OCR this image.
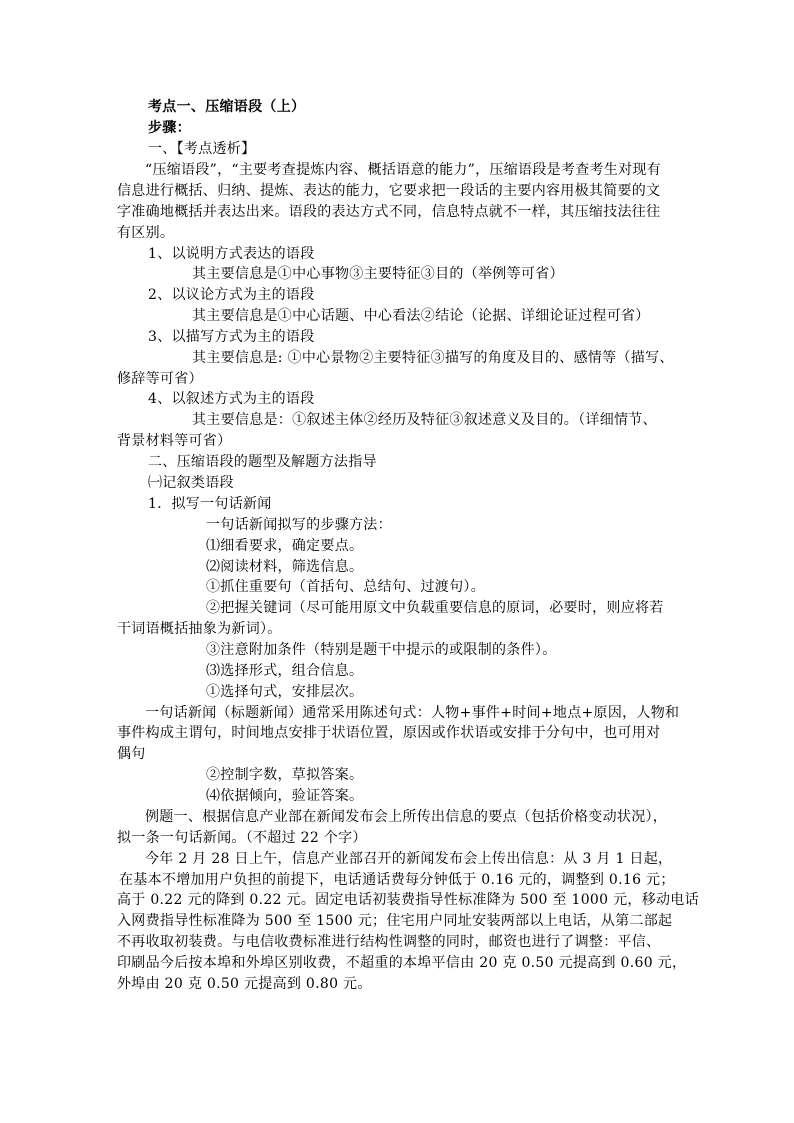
考点一、压缩语段（上）
步骤：
一、【考点透析】
“压缩语段”，“主要考查提炼内容、概括语意的能力”，压缩语段是考查考生对现有
信息进行概括、归纳、提炼、表达的能力，它要求把一段话的主要内容用极其简要的文
字准确地概括并表达出来。语段的表达方式不同，信息特点就不一样，其压缩技法往往
有区别。
1、以说明方式表达的语段
其主要信息是①中心事物③主要特征③目的（举例等可省）
2、以议论方式为主的语段
其主要信息是①中心话题、中心看法②结论（论据、详细论证过程可省）
3、以描写方式为主的语段
其主要信息是: ①中心景物②主要特征③描写的角度及目的、感情等（描写、
修辞等可省）
4、以叙述方式为主的语段
其主要信息是：①叙述主体②经历及特征③叙述意义及目的。（详细情节、
背景材料等可省）
二、压缩语段的题型及解题方法指导
㈠记叙类语段
1．拟写一句话新闻
一句话新闻拟写的步骤方法：
⑴细看要求，确定要点。
⑵阅读材料，筛选信息。
①抓住重要句（首括句、总结句、过渡句）。
②把握关键词（尽可能用原文中负载重要信息的原词，必要时，则应将若
干词语概括抽象为新词）。
③注意附加条件（特别是题干中提示的或限制的条件）。
⑶选择形式，组合信息。
①选择句式，安排层次。
一句话新闻（标题新闻）通常采用陈述句式：人物+事件+时间+地点+原因，人物和
事件构成主谓句，时间地点安排于状语位置，原因或作状语或安排于分句中，也可用对
偶句
②控制字数，草拟答案。
⑷依据倾向，验证答案。
例题一、根据信息产业部在新闻发布会上所传出信息的要点（包括价格变动状况），
拟一条一句话新闻。（不超过 22 个字）
今年 2 月 28 日上午，信息产业部召开的新闻发布会上传出信息：从 3 月 1 日起，
在基本不增加用户负担的前提下，电话通话费每分钟低于 0.16 元的，调整到 0.16 元；
高于 0.22 元的降到 0.22 元。固定电话初装费指导性标准降为 500 至 1000 元，移动电话
入网费指导性标准降为 500 至 1500 元；住宅用户同址安装两部以上电话，从第二部起
不再收取初装费。与电信收费标准进行结构性调整的同时，邮资也进行了调整：平信、
印刷品今后按本埠和外埠区别收费，不超重的本埠平信由 20 克 0.50 元提高到 0.60 元，
外埠由 20 克 0.50 元提高到 0.80 元。
